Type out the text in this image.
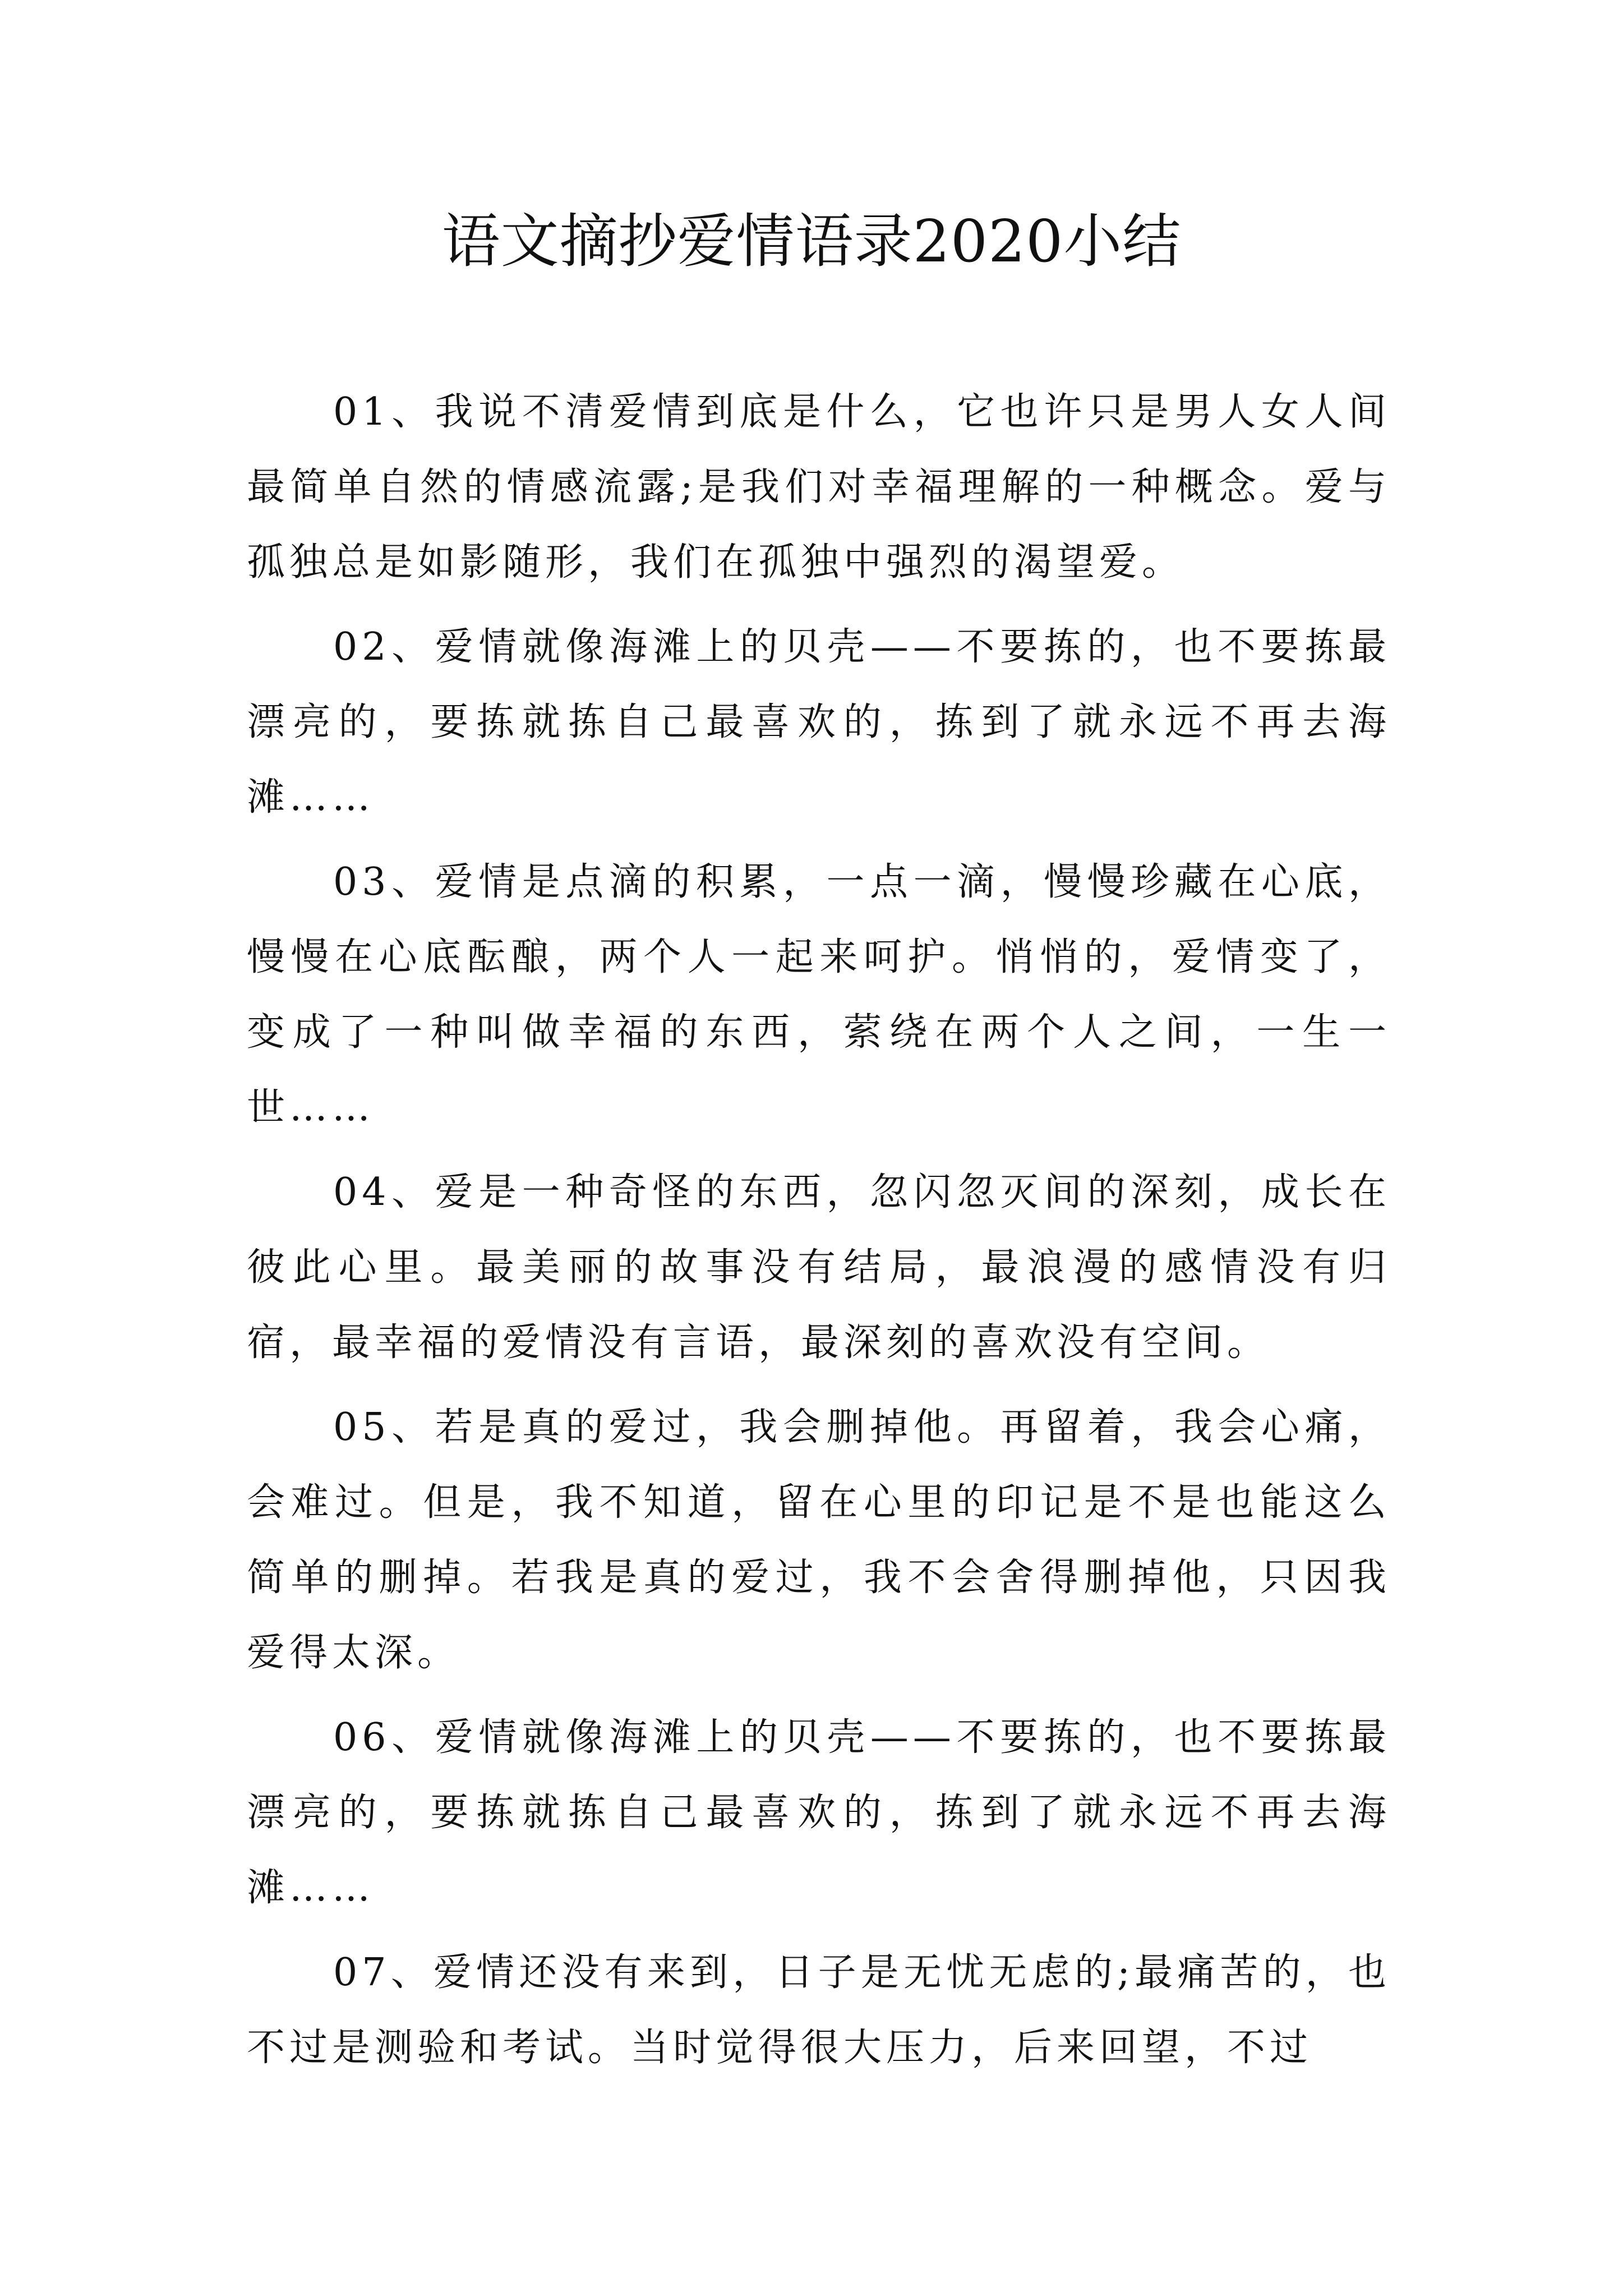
语文摘抄爱情语录2020小结

01、我说不清爱情到底是什么，它也许只是男人女人间最简单自然的情感流露;是我们对幸福理解的一种概念。爱与孤独总是如影随形，我们在孤独中强烈的渴望爱。

02、爱情就像海滩上的贝壳——不要拣的，也不要拣最漂亮的，要拣就拣自己最喜欢的，拣到了就永远不再去海滩……

03、爱情是点滴的积累，一点一滴，慢慢珍藏在心底，慢慢在心底酝酿，两个人一起来呵护。悄悄的，爱情变了，变成了一种叫做幸福的东西，萦绕在两个人之间，一生一世……

04、爱是一种奇怪的东西，忽闪忽灭间的深刻，成长在彼此心里。最美丽的故事没有结局，最浪漫的感情没有归宿，最幸福的爱情没有言语，最深刻的喜欢没有空间。

05、若是真的爱过，我会删掉他。再留着，我会心痛，会难过。但是，我不知道，留在心里的印记是不是也能这么简单的删掉。若我是真的爱过，我不会舍得删掉他，只因我爱得太深。

06、爱情就像海滩上的贝壳——不要拣的，也不要拣最漂亮的，要拣就拣自己最喜欢的，拣到了就永远不再去海滩……

07、爱情还没有来到，日子是无忧无虑的;最痛苦的，也不过是测验和考试。当时觉得很大压力，后来回望，不过
